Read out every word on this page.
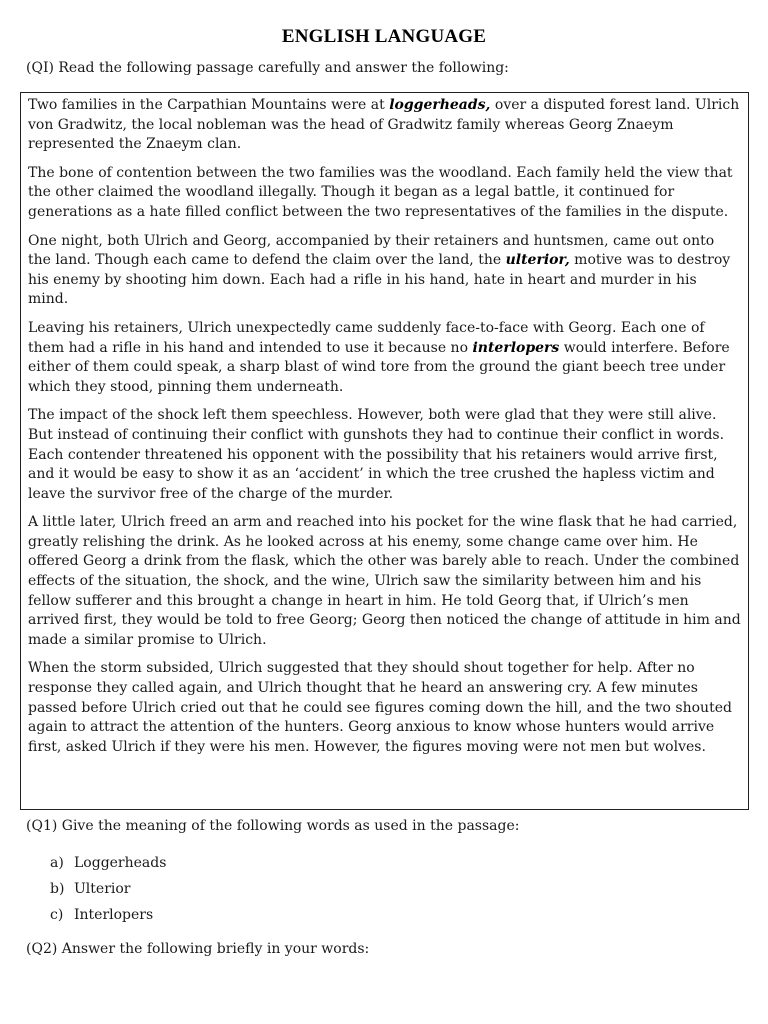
ENGLISH LANGUAGE
(QI) Read the following passage carefully and answer the following:

Two families in the Carpathian Mountains were at loggerheads, over a disputed forest land. Ulrich von Gradwitz, the local nobleman was the head of Gradwitz family whereas Georg Znaeym represented the Znaeym clan.

The bone of contention between the two families was the woodland. Each family held the view that the other claimed the woodland illegally. Though it began as a legal battle, it continued for generations as a hate filled conflict between the two representatives of the families in the dispute.

One night, both Ulrich and Georg, accompanied by their retainers and huntsmen, came out onto the land. Though each came to defend the claim over the land, the ulterior, motive was to destroy his enemy by shooting him down. Each had a rifle in his hand, hate in heart and murder in his mind.

Leaving his retainers, Ulrich unexpectedly came suddenly face-to-face with Georg. Each one of them had a rifle in his hand and intended to use it because no interlopers would interfere. Before either of them could speak, a sharp blast of wind tore from the ground the giant beech tree under which they stood, pinning them underneath.

The impact of the shock left them speechless. However, both were glad that they were still alive. But instead of continuing their conflict with gunshots they had to continue their conflict in words. Each contender threatened his opponent with the possibility that his retainers would arrive first, and it would be easy to show it as an ‘accident’ in which the tree crushed the hapless victim and leave the survivor free of the charge of the murder.

A little later, Ulrich freed an arm and reached into his pocket for the wine flask that he had carried, greatly relishing the drink. As he looked across at his enemy, some change came over him. He offered Georg a drink from the flask, which the other was barely able to reach. Under the combined effects of the situation, the shock, and the wine, Ulrich saw the similarity between him and his fellow sufferer and this brought a change in heart in him. He told Georg that, if Ulrich’s men arrived first, they would be told to free Georg; Georg then noticed the change of attitude in him and made a similar promise to Ulrich.

When the storm subsided, Ulrich suggested that they should shout together for help. After no response they called again, and Ulrich thought that he heard an answering cry. A few minutes passed before Ulrich cried out that he could see figures coming down the hill, and the two shouted again to attract the attention of the hunters. Georg anxious to know whose hunters would arrive first, asked Ulrich if they were his men. However, the figures moving were not men but wolves.

(Q1) Give the meaning of the following words as used in the passage:
a) Loggerheads
b) Ulterior
c) Interlopers
(Q2) Answer the following briefly in your words:
